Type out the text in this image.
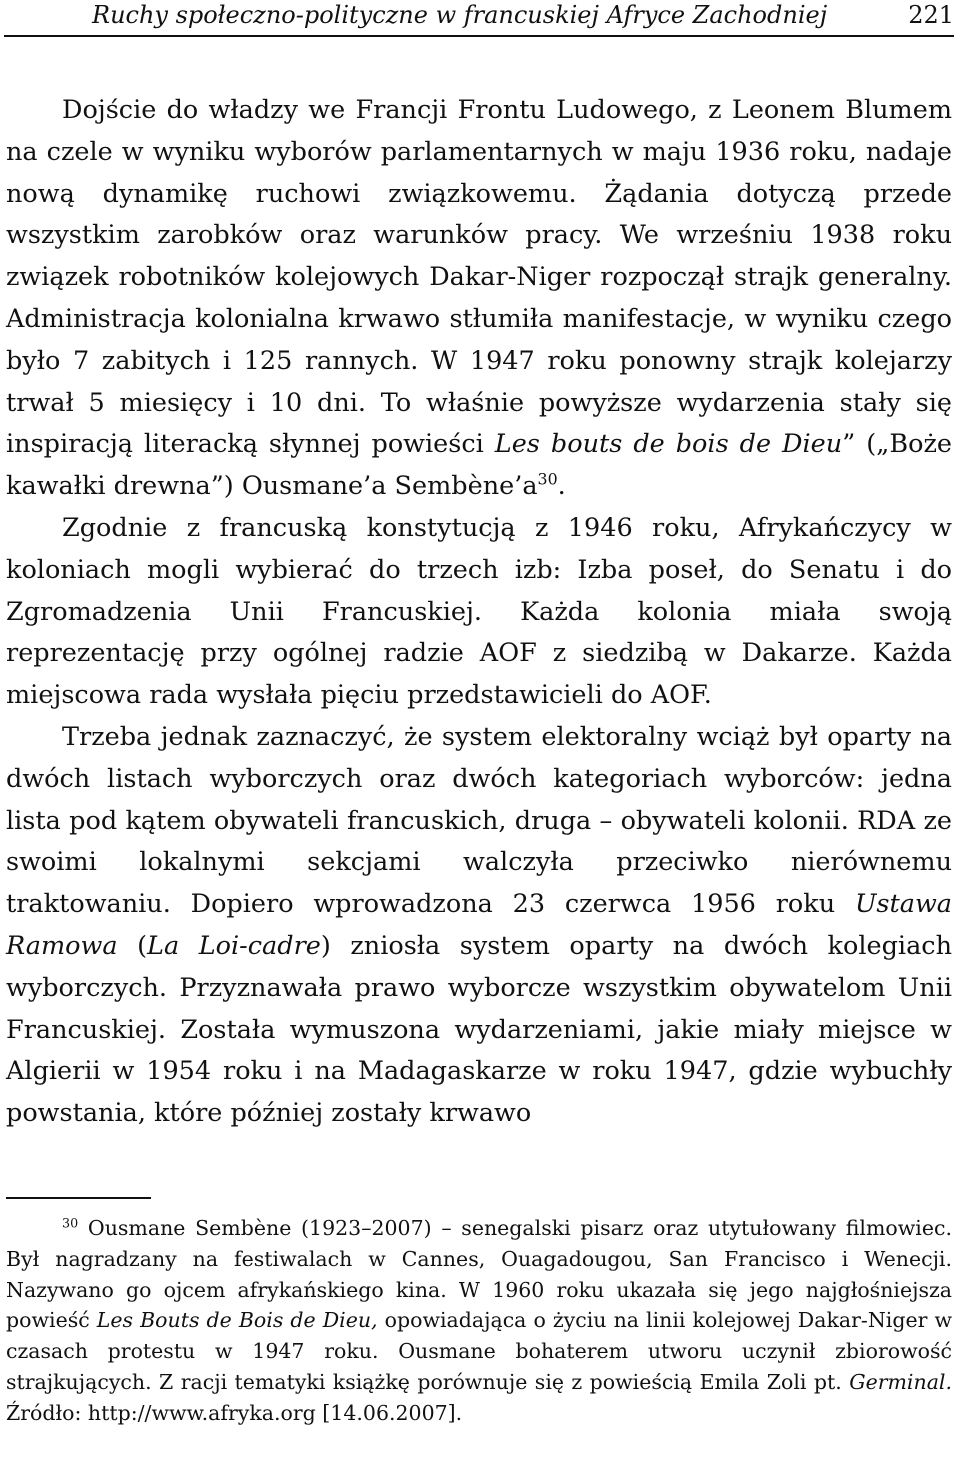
Ruchy społeczno-polityczne w francuskiej Afryce Zachodniej	221

Dojście do władzy we Francji Frontu Ludowego, z Leonem Blumem na czele w wyniku wyborów parlamentarnych w maju 1936 roku, nadaje nową dynamikę ruchowi związkowemu. Żądania dotyczą przede wszystkim zarobków oraz warunków pracy. We wrześniu 1938 roku związek robotników kolejowych Dakar-Niger rozpoczął strajk generalny. Administracja kolonialna krwawo stłumiła manifestacje, w wyniku czego było 7 zabitych i 125 rannych. W 1947 roku ponowny strajk kolejarzy trwał 5 miesięcy i 10 dni. To właśnie powyższe wydarzenia stały się inspiracją literacką słynnej powieści Les bouts de bois de Dieu” („Boże kawałki drewna”) Ousmane’a $Sembène’a^{30}$.

Zgodnie z francuską konstytucją z 1946 roku, Afrykańczycy w koloniach mogli wybierać do trzech izb: Izba poseł, do Senatu i do Zgromadzenia Unii Francuskiej. Każda kolonia miała swoją reprezentację przy ogólnej radzie AOF z siedzibą w Dakarze. Każda miejscowa rada wysłała pięciu przedstawicieli do AOF.

Trzeba jednak zaznaczyć, że system elektoralny wciąż był oparty na dwóch listach wyborczych oraz dwóch kategoriach wyborców: jedna lista pod kątem obywateli francuskich, druga – obywateli kolonii. RDA ze swoimi lokalnymi sekcjami walczyła przeciwko nierównemu traktowaniu. Dopiero wprowadzona 23 czerwca 1956 roku Ustawa Ramowa (La Loi-cadre) zniosła system oparty na dwóch kolegiach wyborczych. Przyznawała prawo wyborcze wszystkim obywatelom Unii Francuskiej. Została wymuszona wydarzeniami, jakie miały miejsce w Algierii w 1954 roku i na Madagaskarze w roku 1947, gdzie wybuchły powstania, które później zostały krwawo

$^{30}$ Ousmane Sembène (1923–2007) – senegalski pisarz oraz utytułowany filmowiec. Był nagradzany na festiwalach w Cannes, Ouagadougou, San Francisco i Wenecji. Nazywano go ojcem afrykańskiego kina. W 1960 roku ukazała się jego najgłośniejsza powieść Les Bouts de Bois de Dieu, opowiadająca o życiu na linii kolejowej Dakar-Niger w czasach protestu w 1947 roku. Ousmane bohaterem utworu uczynił zbiorowość strajkujących. Z racji tematyki książkę porównuje się z powieścią Emila Zoli pt. Germinal. Źródło: http://www.afryka.org [14.06.2007].
